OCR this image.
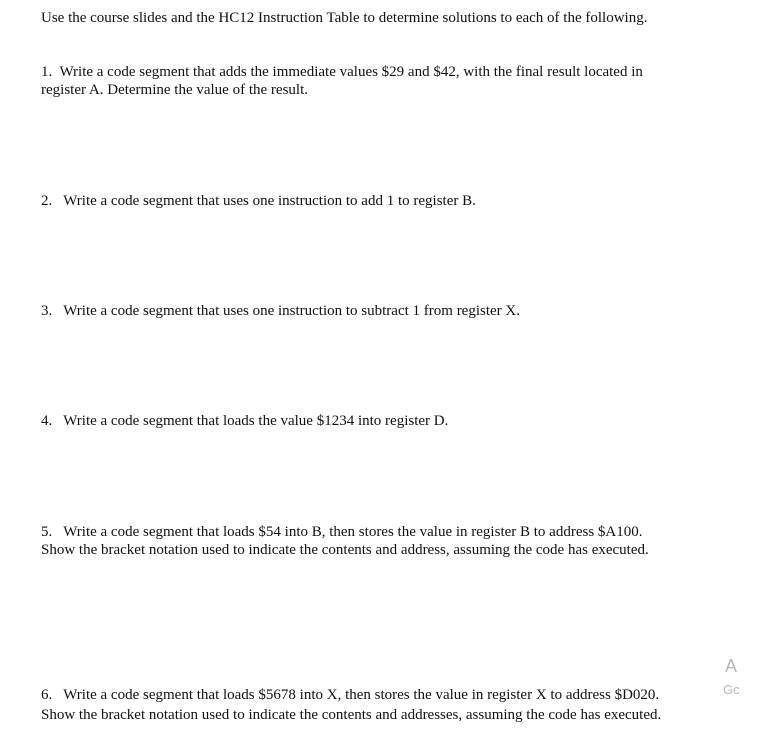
Use the course slides and the HC12 Instruction Table to determine solutions to each of the following.
1. Write a code segment that adds the immediate values $29 and $42, with the final result located in
register A. Determine the value of the result.
2. Write a code segment that uses one instruction to add 1 to register B.
3. Write a code segment that uses one instruction to subtract 1 from register X.
4. Write a code segment that loads the value $1234 into register D.
5. Write a code segment that loads $54 into B, then stores the value in register B to address $A100.
Show the bracket notation used to indicate the contents and address, assuming the code has executed.
6. Write a code segment that loads $5678 into X, then stores the value in register X to address $D020.
Show the bracket notation used to indicate the contents and addresses, assuming the code has executed.
A
Gc
